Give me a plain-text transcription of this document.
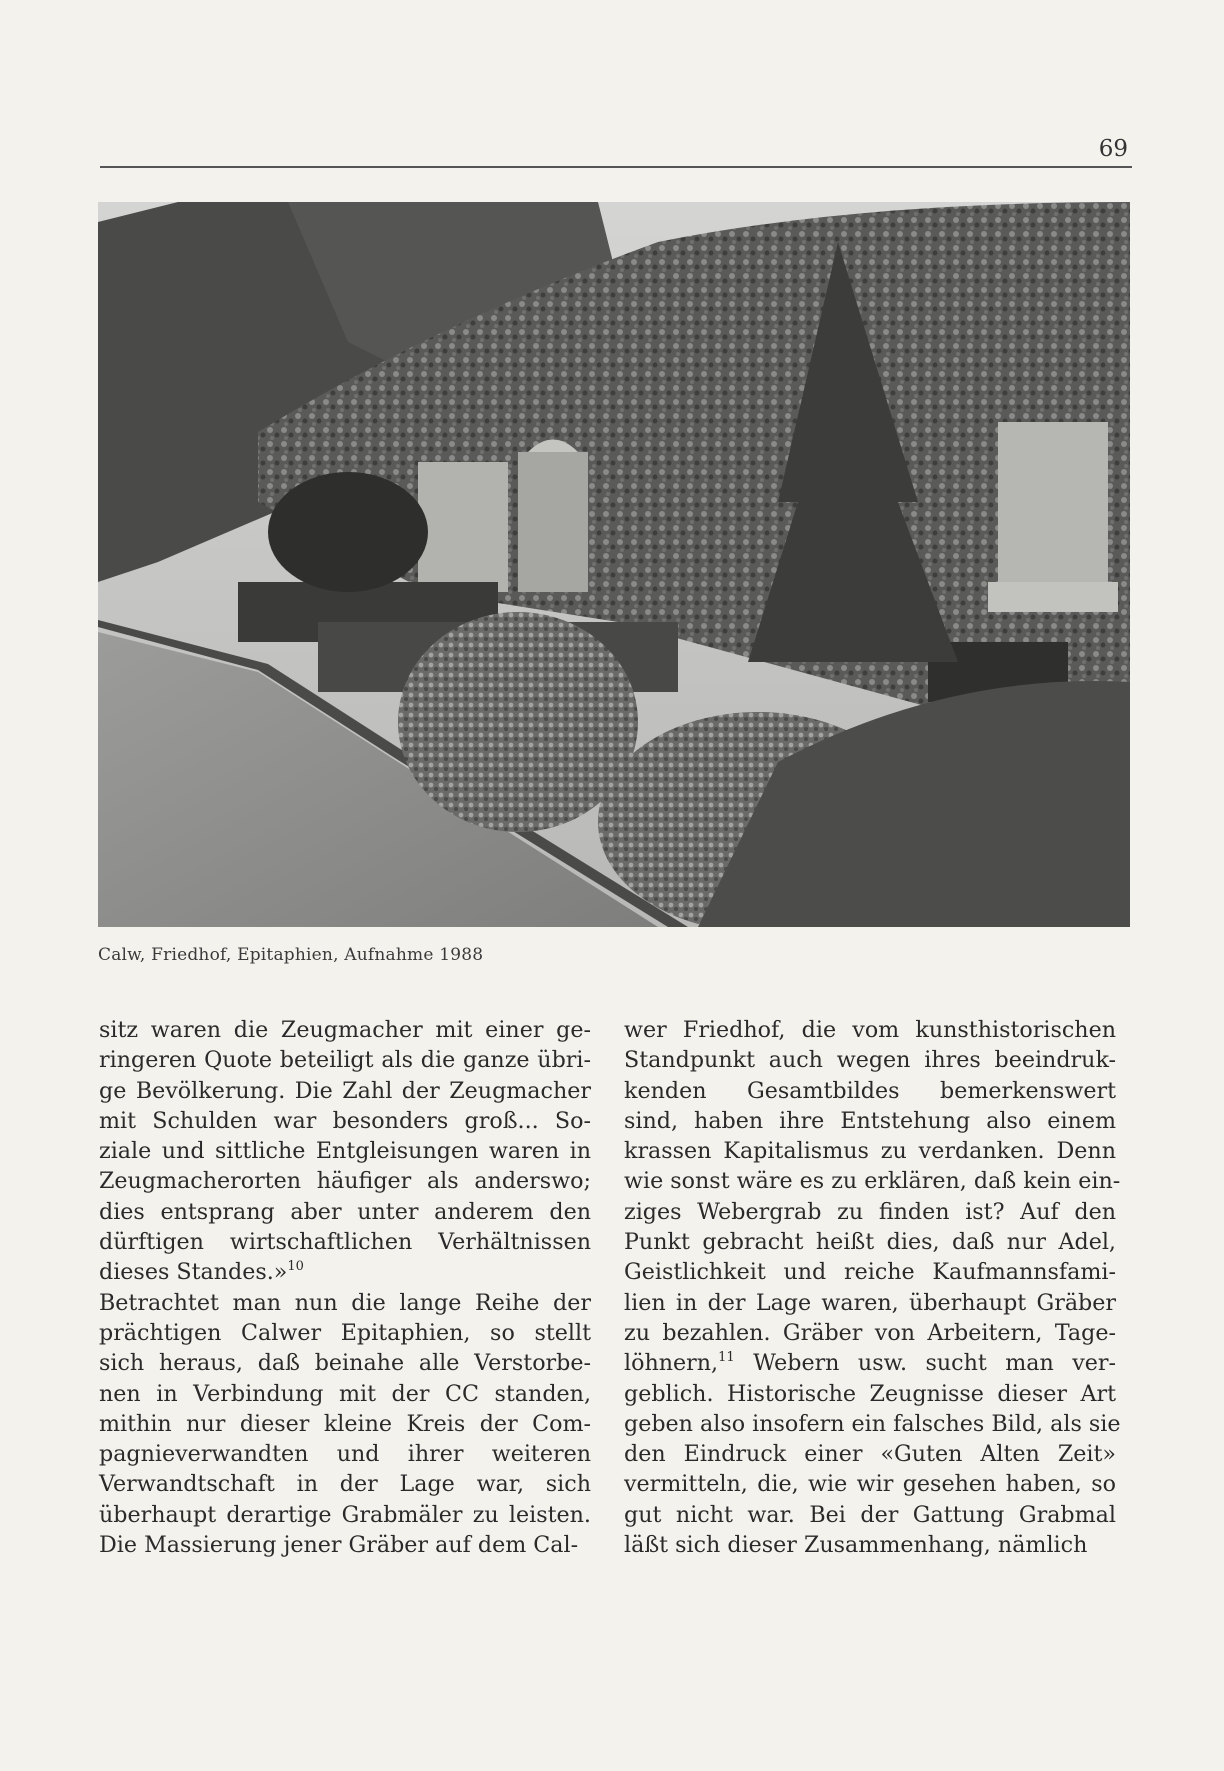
69
Calw, Friedhof, Epitaphien, Aufnahme 1988
sitz waren die Zeugmacher mit einer ge-
ringeren Quote beteiligt als die ganze übri-
ge Bevölkerung. Die Zahl der Zeugmacher
mit Schulden war besonders groß... So-
ziale und sittliche Entgleisungen waren in
Zeugmacherorten häufiger als anderswo;
dies entsprang aber unter anderem den
dürftigen wirtschaftlichen Verhältnissen
dieses Standes.»$^{10}$
Betrachtet man nun die lange Reihe der
prächtigen Calwer Epitaphien, so stellt
sich heraus, daß beinahe alle Verstorbe-
nen in Verbindung mit der CC standen,
mithin nur dieser kleine Kreis der Com-
pagnieverwandten und ihrer weiteren
Verwandtschaft in der Lage war, sich
überhaupt derartige Grabmäler zu leisten.
Die Massierung jener Gräber auf dem Cal-
wer Friedhof, die vom kunsthistorischen
Standpunkt auch wegen ihres beeindruk-
kenden Gesamtbildes bemerkenswert
sind, haben ihre Entstehung also einem
krassen Kapitalismus zu verdanken. Denn
wie sonst wäre es zu erklären, daß kein ein-
ziges Webergrab zu finden ist? Auf den
Punkt gebracht heißt dies, daß nur Adel,
Geistlichkeit und reiche Kaufmannsfami-
lien in der Lage waren, überhaupt Gräber
zu bezahlen. Gräber von Arbeitern, Tage-
löhnern,$^{11}$ Webern usw. sucht man ver-
geblich. Historische Zeugnisse dieser Art
geben also insofern ein falsches Bild, als sie
den Eindruck einer «Guten Alten Zeit»
vermitteln, die, wie wir gesehen haben, so
gut nicht war. Bei der Gattung Grabmal
läßt sich dieser Zusammenhang, nämlich
